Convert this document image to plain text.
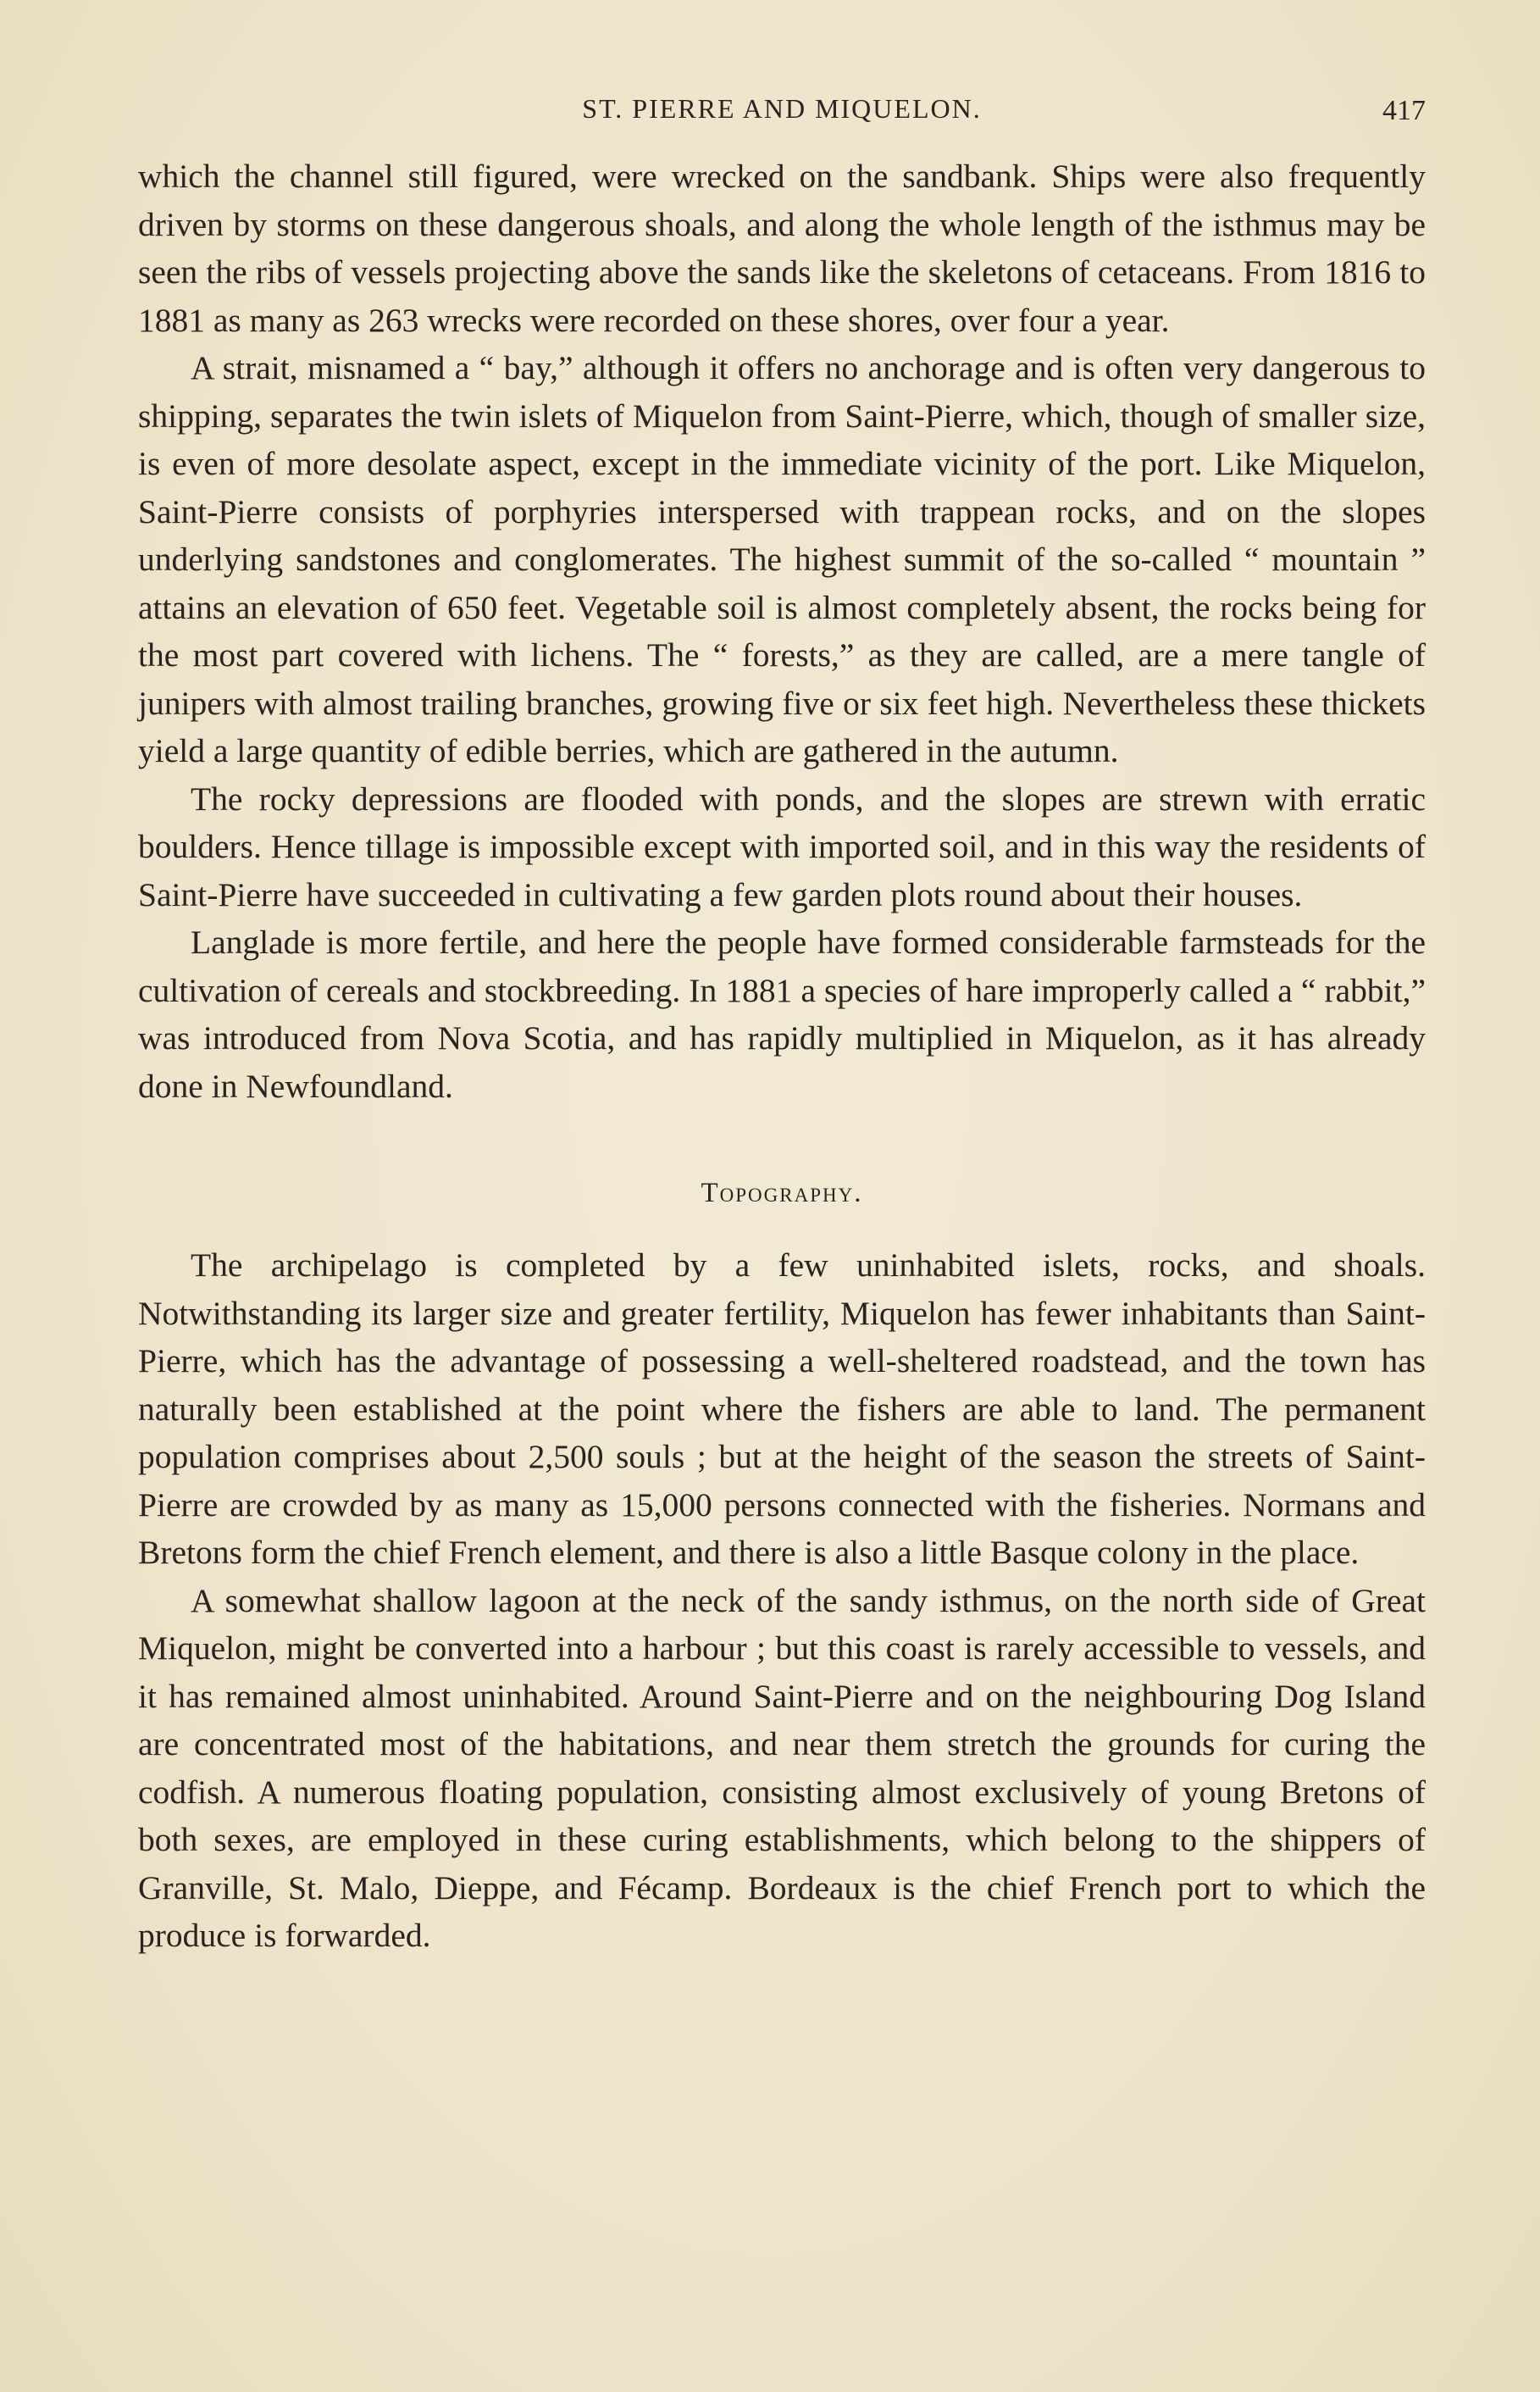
ST. PIERRE AND MIQUELON.	417

which the channel still figured, were wrecked on the sandbank. Ships were also frequently driven by storms on these dangerous shoals, and along the whole length of the isthmus may be seen the ribs of vessels projecting above the sands like the skeletons of cetaceans. From 1816 to 1881 as many as 263 wrecks were recorded on these shores, over four a year.

A strait, misnamed a “ bay,” although it offers no anchorage and is often very dangerous to shipping, separates the twin islets of Miquelon from Saint-Pierre, which, though of smaller size, is even of more desolate aspect, except in the immediate vicinity of the port. Like Miquelon, Saint-Pierre consists of porphyries interspersed with trappean rocks, and on the slopes underlying sandstones and conglomerates. The highest summit of the so-called “ mountain ” attains an elevation of 650 feet. Vegetable soil is almost completely absent, the rocks being for the most part covered with lichens. The “ forests,” as they are called, are a mere tangle of junipers with almost trailing branches, growing five or six feet high. Nevertheless these thickets yield a large quantity of edible berries, which are gathered in the autumn.

The rocky depressions are flooded with ponds, and the slopes are strewn with erratic boulders. Hence tillage is impossible except with imported soil, and in this way the residents of Saint-Pierre have succeeded in cultivating a few garden plots round about their houses.

Langlade is more fertile, and here the people have formed considerable farmsteads for the cultivation of cereals and stockbreeding. In 1881 a species of hare improperly called a “ rabbit,” was introduced from Nova Scotia, and has rapidly multiplied in Miquelon, as it has already done in Newfoundland.

Topography.

The archipelago is completed by a few uninhabited islets, rocks, and shoals. Notwithstanding its larger size and greater fertility, Miquelon has fewer inhabitants than Saint-Pierre, which has the advantage of possessing a well-sheltered roadstead, and the town has naturally been established at the point where the fishers are able to land. The permanent population comprises about 2,500 souls ; but at the height of the season the streets of Saint-Pierre are crowded by as many as 15,000 persons connected with the fisheries. Normans and Bretons form the chief French element, and there is also a little Basque colony in the place.

A somewhat shallow lagoon at the neck of the sandy isthmus, on the north side of Great Miquelon, might be converted into a harbour ; but this coast is rarely accessible to vessels, and it has remained almost uninhabited. Around Saint-Pierre and on the neighbouring Dog Island are concentrated most of the habitations, and near them stretch the grounds for curing the codfish. A numerous floating population, consisting almost exclusively of young Bretons of both sexes, are employed in these curing establishments, which belong to the shippers of Granville, St. Malo, Dieppe, and Fécamp. Bordeaux is the chief French port to which the produce is forwarded.
